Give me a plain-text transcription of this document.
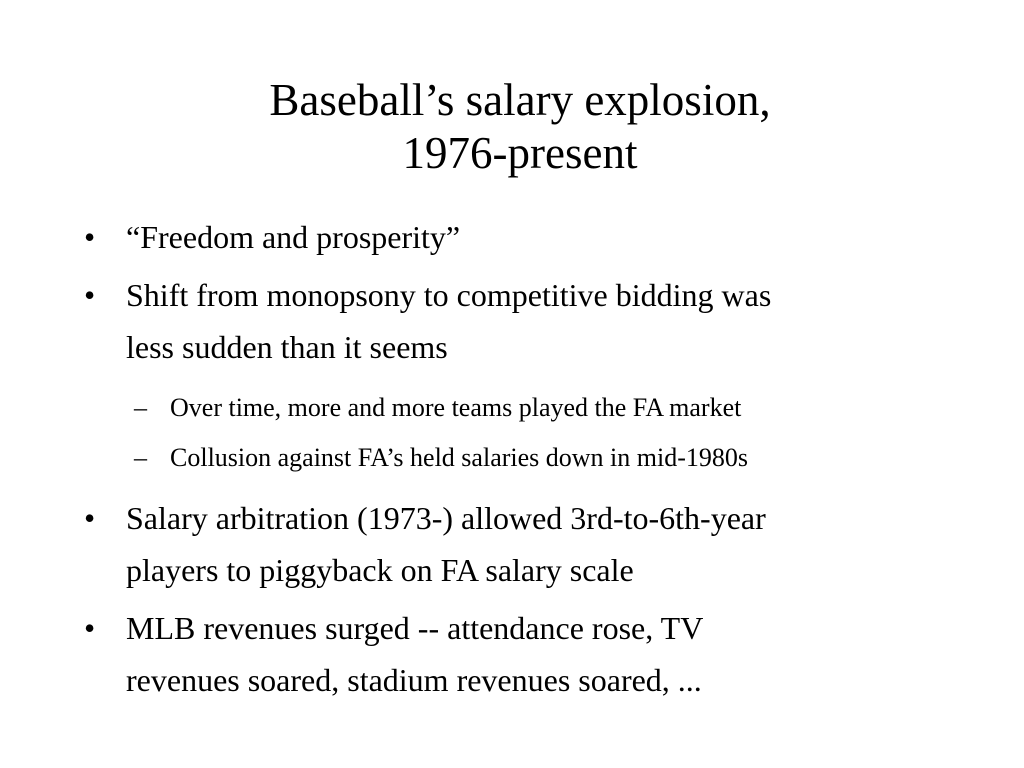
Baseball’s salary explosion,
1976-present
• “Freedom and prosperity”
• Shift from monopsony to competitive bidding was
less sudden than it seems
– Over time, more and more teams played the FA market
– Collusion against FA’s held salaries down in mid-1980s
• Salary arbitration (1973-) allowed 3rd-to-6th-year
players to piggyback on FA salary scale
• MLB revenues surged -- attendance rose, TV
revenues soared, stadium revenues soared, ...
